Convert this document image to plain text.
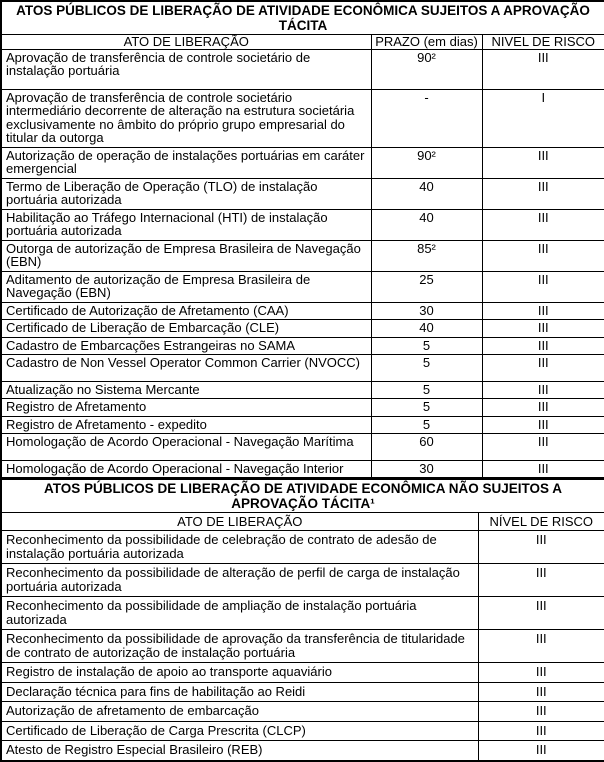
ATOS PÚBLICOS DE LIBERAÇÃO DE ATIVIDADE ECONÔMICA SUJEITOS A APROVAÇÃO TÁCITA		
ATO DE LIBERAÇÃO	PRAZO (em dias)	NIVEL DE RISCO
Aprovação de transferência de controle societário de instalação portuária	90²	III
Aprovação de transferência de controle societário intermediário decorrente de alteração na estrutura societária exclusivamente no âmbito do próprio grupo empresarial do titular da outorga	-	I
Autorização de operação de instalações portuárias em caráter emergencial	90²	III
Termo de Liberação de Operação (TLO) de instalação portuária autorizada	40	III
Habilitação ao Tráfego Internacional (HTI) de instalação portuária autorizada	40	III
Outorga de autorização de Empresa Brasileira de Navegação (EBN)	85²	III
Aditamento de autorização de Empresa Brasileira de Navegação (EBN)	25	III
Certificado de Autorização de Afretamento (CAA)	30	III
Certificado de Liberação de Embarcação (CLE)	40	III
Cadastro de Embarcações Estrangeiras no SAMA	5	III
Cadastro de Non Vessel Operator Common Carrier (NVOCC)	5	III
Atualização no Sistema Mercante	5	III
Registro de Afretamento	5	III
Registro de Afretamento - expedito	5	III
Homologação de Acordo Operacional - Navegação Marítima	60	III
Homologação de Acordo Operacional - Navegação Interior	30	III
ATOS PÚBLICOS DE LIBERAÇÃO DE ATIVIDADE ECONÔMICA NÃO SUJEITOS A APROVAÇÃO TÁCITA¹	
ATO DE LIBERAÇÃO	NÍVEL DE RISCO
Reconhecimento da possibilidade de celebração de contrato de adesão de instalação portuária autorizada	III
Reconhecimento da possibilidade de alteração de perfil de carga de instalação portuária autorizada	III
Reconhecimento da possibilidade de ampliação de instalação portuária autorizada	III
Reconhecimento da possibilidade de aprovação da transferência de titularidade de contrato de autorização de instalação portuária	III
Registro de instalação de apoio ao transporte aquaviário	III
Declaração técnica para fins de habilitação ao Reidi	III
Autorização de afretamento de embarcação	III
Certificado de Liberação de Carga Prescrita (CLCP)	III
Atesto de Registro Especial Brasileiro (REB)	III
